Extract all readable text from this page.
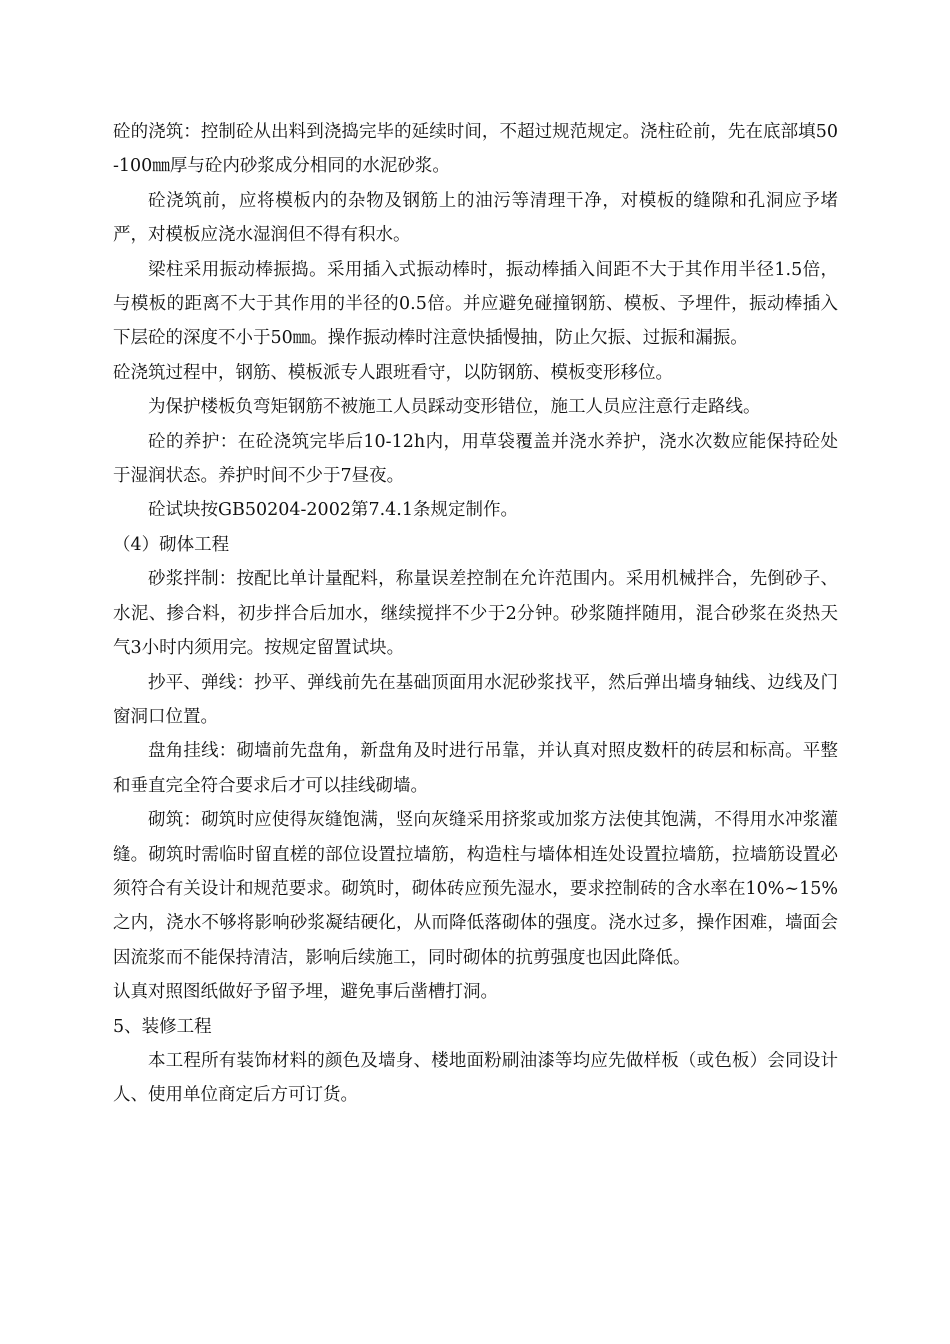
砼的浇筑：控制砼从出料到浇捣完毕的延续时间，不超过规范规定。浇柱砼前，先在底部填50-100㎜厚与砼内砂浆成分相同的水泥砂浆。

砼浇筑前，应将模板内的杂物及钢筋上的油污等清理干净，对模板的缝隙和孔洞应予堵严，对模板应浇水湿润但不得有积水。

梁柱采用振动棒振捣。采用插入式振动棒时，振动棒插入间距不大于其作用半径1.5倍，与模板的距离不大于其作用的半径的0.5倍。并应避免碰撞钢筋、模板、予埋件，振动棒插入下层砼的深度不小于50㎜。操作振动棒时注意快插慢抽，防止欠振、过振和漏振。

砼浇筑过程中，钢筋、模板派专人跟班看守，以防钢筋、模板变形移位。

为保护楼板负弯矩钢筋不被施工人员踩动变形错位，施工人员应注意行走路线。

砼的养护：在砼浇筑完毕后10-12h内，用草袋覆盖并浇水养护，浇水次数应能保持砼处于湿润状态。养护时间不少于7昼夜。

砼试块按GB50204-2002第7.4.1条规定制作。

（4）砌体工程

砂浆拌制：按配比单计量配料，称量误差控制在允许范围内。采用机械拌合，先倒砂子、水泥、掺合料，初步拌合后加水，继续搅拌不少于2分钟。砂浆随拌随用，混合砂浆在炎热天气3小时内须用完。按规定留置试块。

抄平、弹线：抄平、弹线前先在基础顶面用水泥砂浆找平，然后弹出墙身轴线、边线及门窗洞口位置。

盘角挂线：砌墙前先盘角，新盘角及时进行吊靠，并认真对照皮数杆的砖层和标高。平整和垂直完全符合要求后才可以挂线砌墙。

砌筑：砌筑时应使得灰缝饱满，竖向灰缝采用挤浆或加浆方法使其饱满，不得用水冲浆灌缝。砌筑时需临时留直槎的部位设置拉墙筋，构造柱与墙体相连处设置拉墙筋，拉墙筋设置必须符合有关设计和规范要求。砌筑时，砌体砖应预先湿水，要求控制砖的含水率在10%~15%之内，浇水不够将影响砂浆凝结硬化，从而降低落砌体的强度。浇水过多，操作困难，墙面会因流浆而不能保持清洁，影响后续施工，同时砌体的抗剪强度也因此降低。

认真对照图纸做好予留予埋，避免事后凿槽打洞。

5、装修工程

本工程所有装饰材料的颜色及墙身、楼地面粉刷油漆等均应先做样板（或色板）会同设计人、使用单位商定后方可订货。
